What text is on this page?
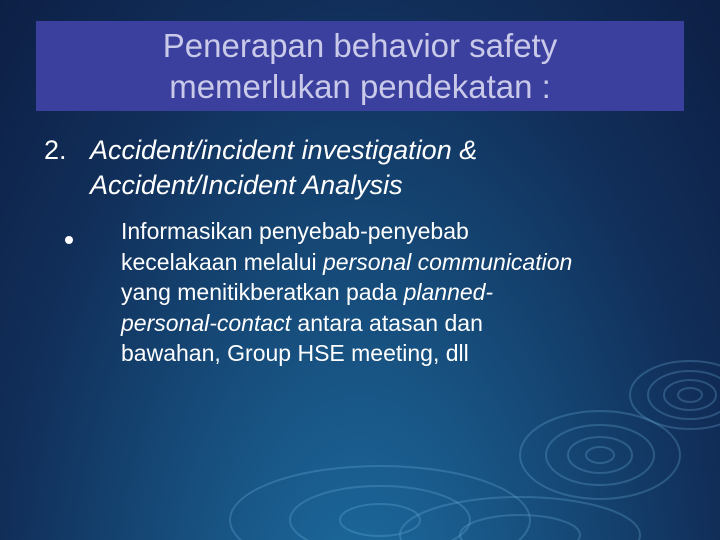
Penerapan behavior safety
memerlukan pendekatan :
2. Accident/incident investigation &
Accident/Incident Analysis
Informasikan penyebab-penyebab
kecelakaan melalui personal communication
yang menitikberatkan pada planned-
personal-contact antara atasan dan
bawahan, Group HSE meeting, dll
